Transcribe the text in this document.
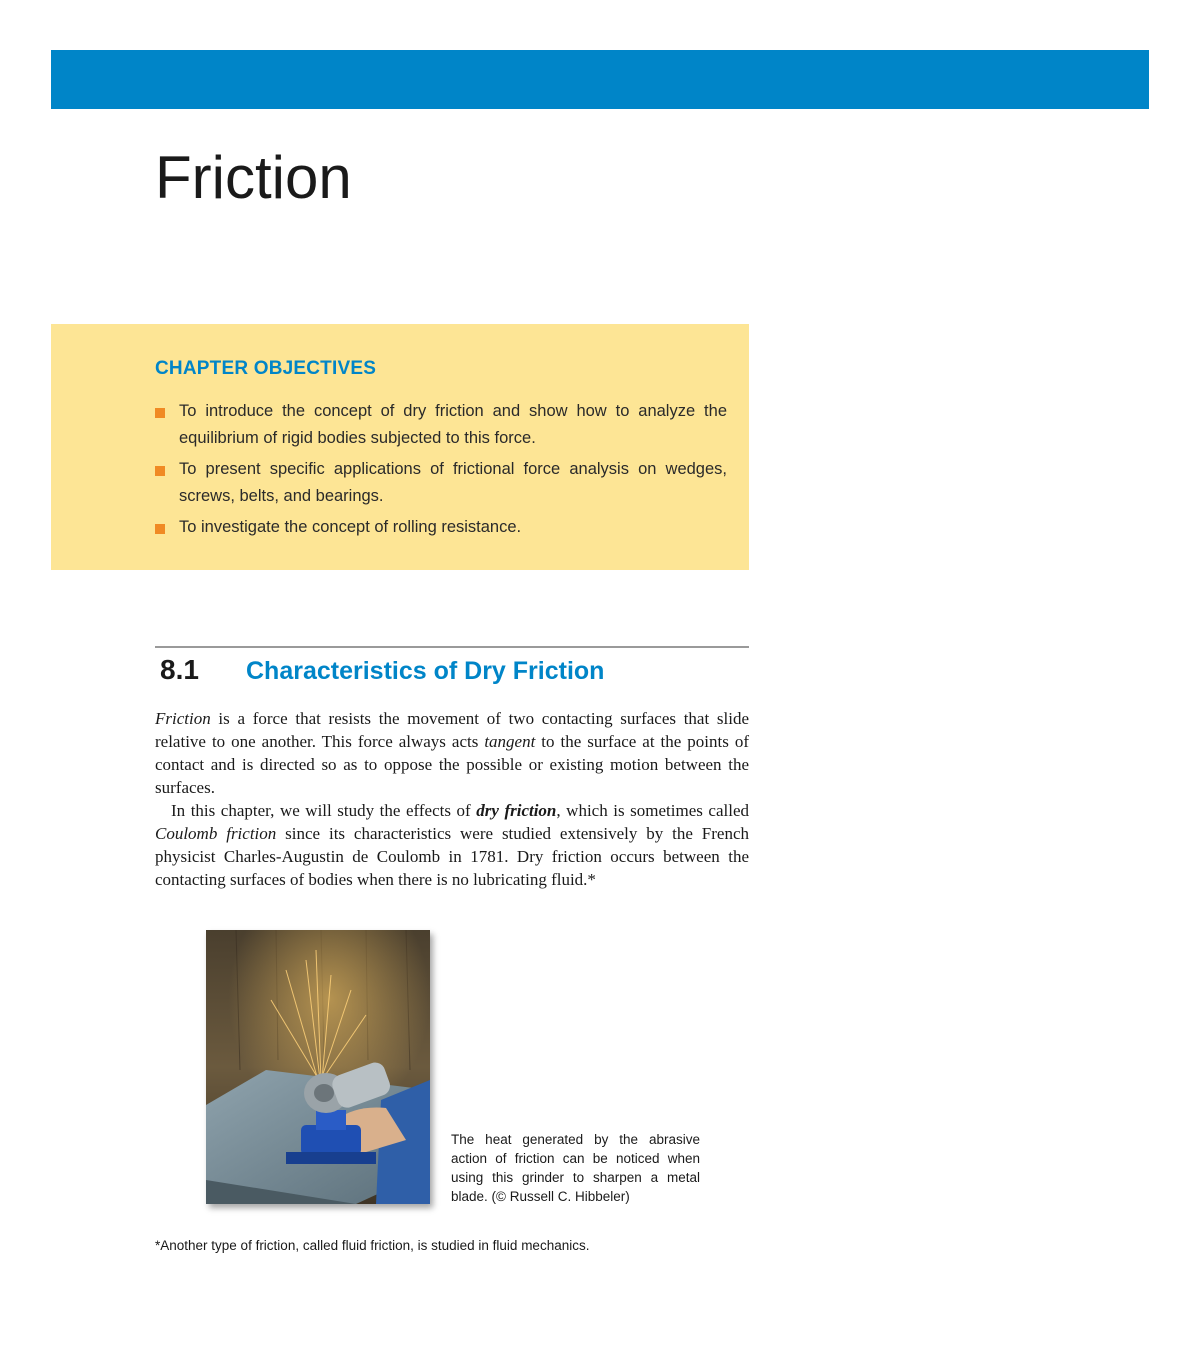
Friction
CHAPTER OBJECTIVES
To introduce the concept of dry friction and show how to analyze the equilibrium of rigid bodies subjected to this force.
To present specific applications of frictional force analysis on wedges, screws, belts, and bearings.
To investigate the concept of rolling resistance.
8.1 Characteristics of Dry Friction

Friction is a force that resists the movement of two contacting surfaces that slide relative to one another. This force always acts tangent to the surface at the points of contact and is directed so as to oppose the possible or existing motion between the surfaces.

In this chapter, we will study the effects of dry friction, which is sometimes called Coulomb friction since its characteristics were studied extensively by the French physicist Charles-Augustin de Coulomb in 1781. Dry friction occurs between the contacting surfaces of bodies when there is no lubricating fluid.*

The heat generated by the abrasive action of friction can be noticed when using this grinder to sharpen a metal blade. (© Russell C. Hibbeler)
*Another type of friction, called fluid friction, is studied in fluid mechanics.
